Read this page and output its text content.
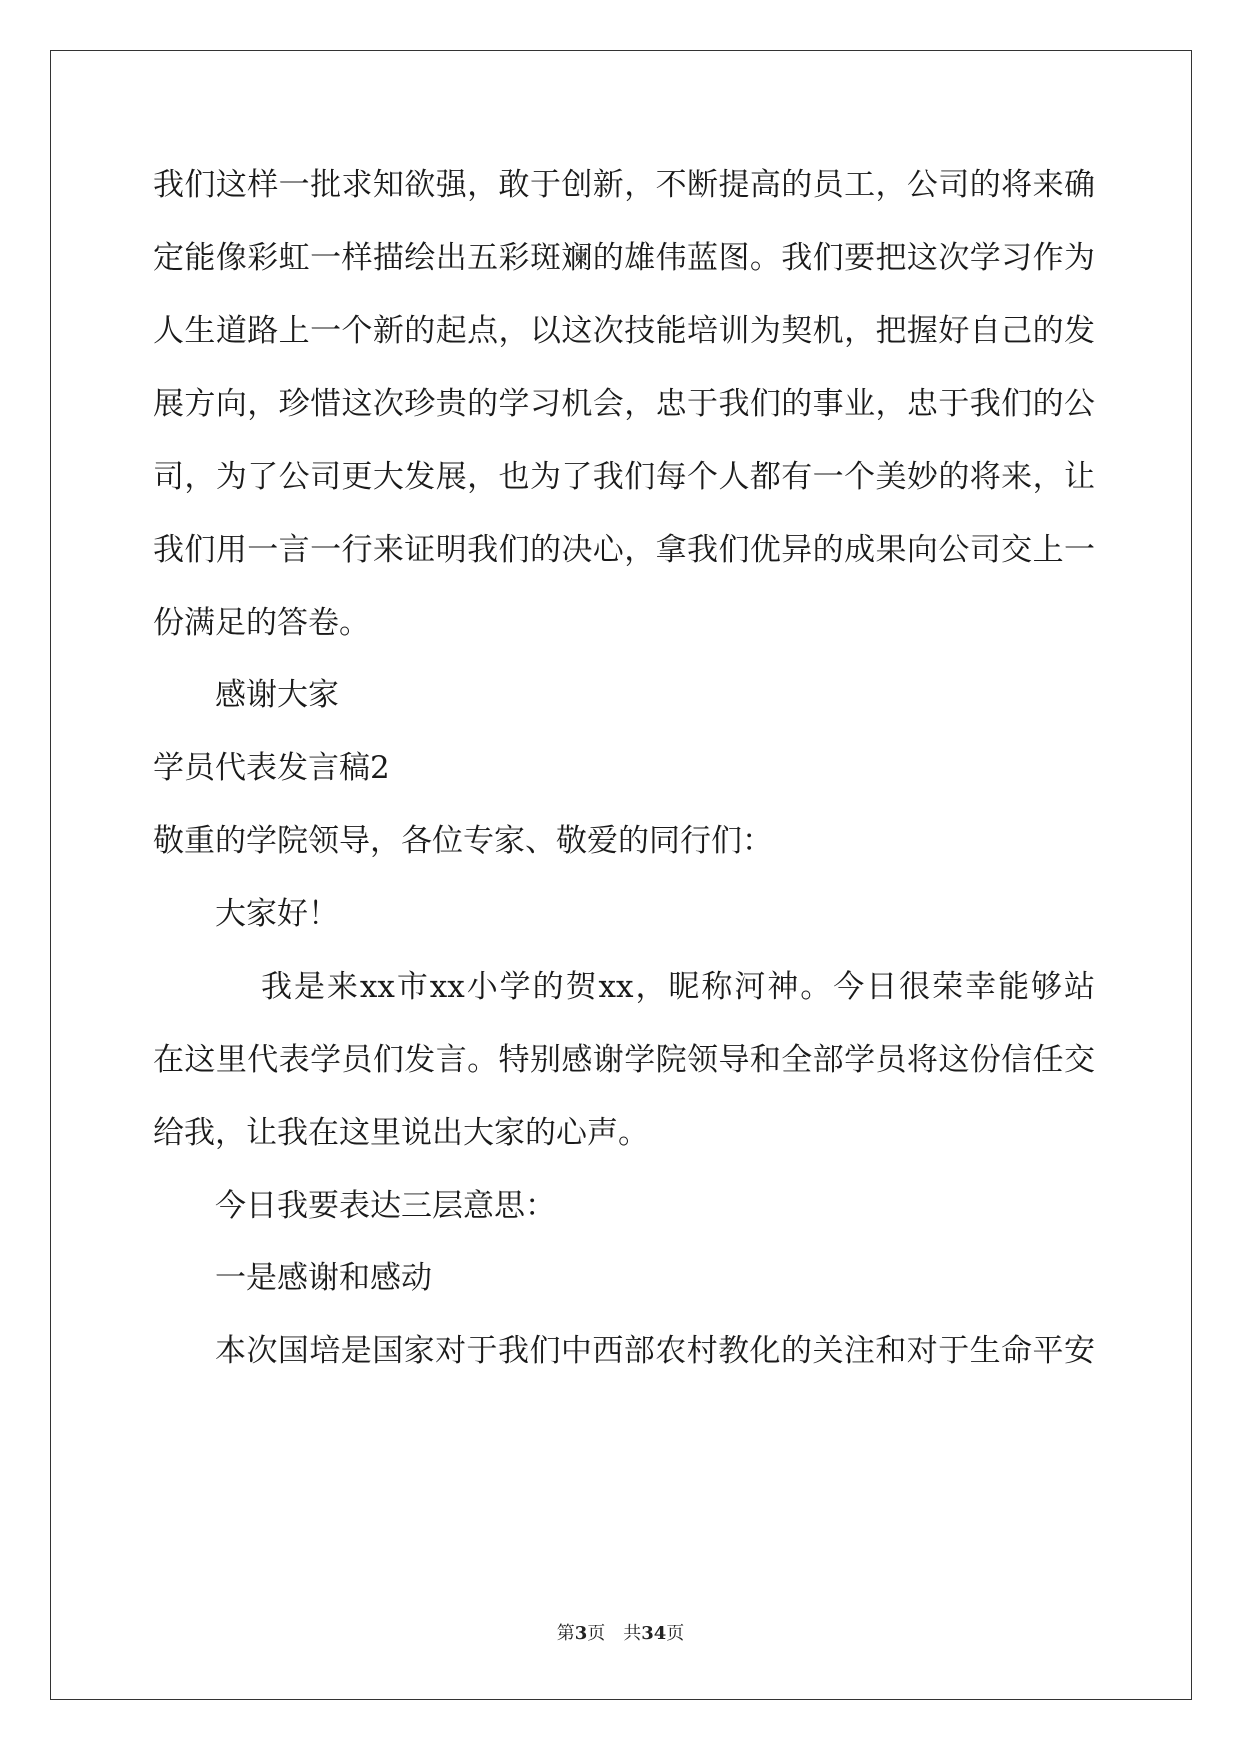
我们这样一批求知欲强，敢于创新，不断提高的员工，公司的将来确
定能像彩虹一样描绘出五彩斑斓的雄伟蓝图。我们要把这次学习作为
人生道路上一个新的起点，以这次技能培训为契机，把握好自己的发
展方向，珍惜这次珍贵的学习机会，忠于我们的事业，忠于我们的公
司，为了公司更大发展，也为了我们每个人都有一个美妙的将来，让
我们用一言一行来证明我们的决心，拿我们优异的成果向公司交上一
份满足的答卷。
感谢大家
学员代表发言稿2
敬重的学院领导，各位专家、敬爱的同行们：
大家好！
我是来xx市xx小学的贺xx，昵称河神。今日很荣幸能够站
在这里代表学员们发言。特别感谢学院领导和全部学员将这份信任交
给我，让我在这里说出大家的心声。
今日我要表达三层意思：
一是感谢和感动
本次国培是国家对于我们中西部农村教化的关注和对于生命平安
第3页 共34页
